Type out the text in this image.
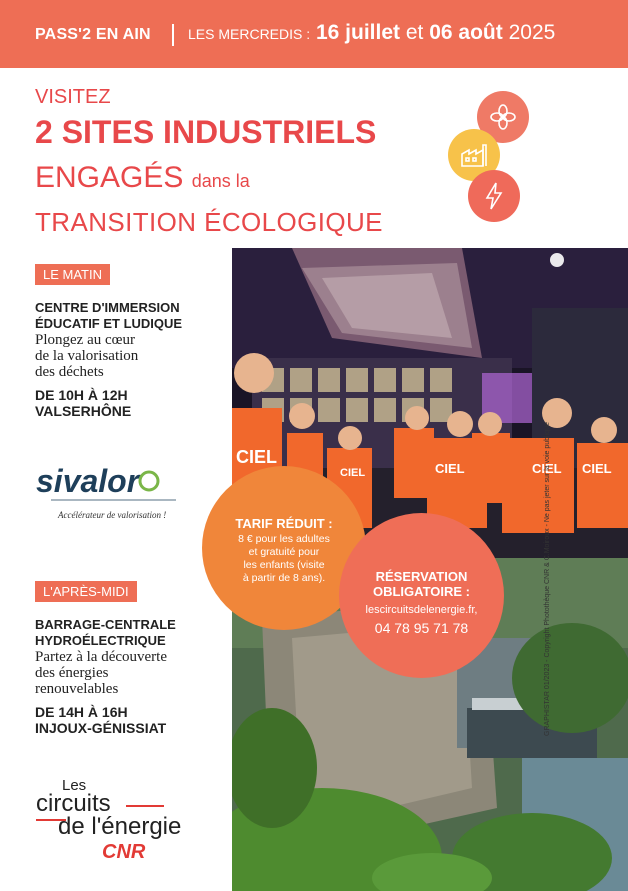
PASS'2 EN AIN	LES MERCREDIS : 16 juillet et 06 août 2025
VISITEZ
2 SITES INDUSTRIELS
ENGAGÉS dans la
TRANSITION ÉCOLOGIQUE
LE MATIN
CENTRE D'IMMERSION
ÉDUCATIF ET LUDIQUE
Plongez au cœur
de la valorisation
des déchets
DE 10H À 12H
VALSERHÔNE
sivalor
Accélérateur de valorisation !
L'APRÈS-MIDI
BARRAGE-CENTRALE
HYDROÉLECTRIQUE
Partez à la découverte
des énergies
renouvelables
DE 14H À 16H
INJOUX-GÉNISSIAT
Les
circuits
de l'énergie
CNR
CIEL
CIEL	CIEL	CIEL CIEL
TARIF RÉDUIT :
8 € pour les adultes
et gratuité pour
les enfants (visite
à partir de 8 ans).	RÉSERVATION
OBLIGATOIRE :
lescircuitsdelenergie.fr,
04 78 95 71 78	GRAPHISTAR 01/2023 - Copyright Photothèque CNR & C.Moiroux - Ne pas jeter sur la voie publique
